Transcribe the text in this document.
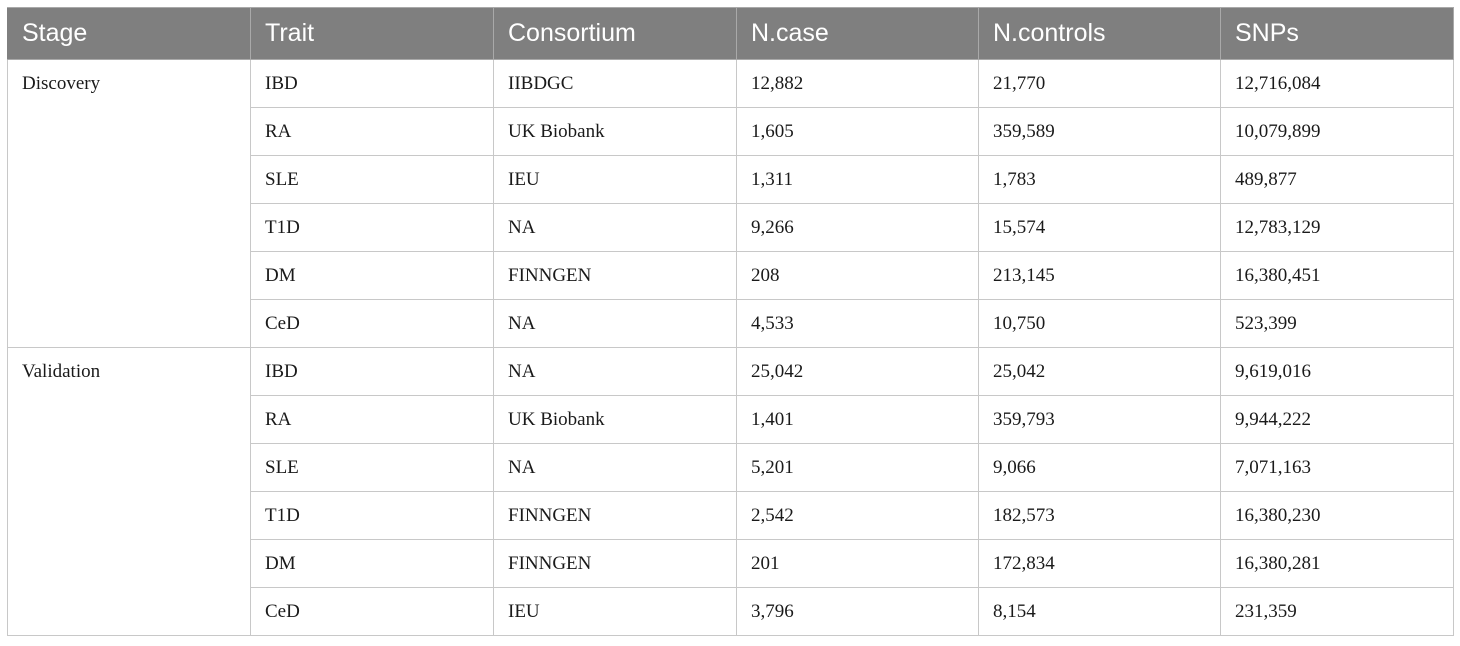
Stage	Trait	Consortium	N.case	N.controls	SNPs
Discovery	IBD	IIBDGC	12,882	21,770	12,716,084
	RA	UK Biobank	1,605	359,589	10,079,899
	SLE	IEU	1,311	1,783	489,877
	T1D	NA	9,266	15,574	12,783,129
	DM	FINNGEN	208	213,145	16,380,451
	CeD	NA	4,533	10,750	523,399
Validation	IBD	NA	25,042	25,042	9,619,016
	RA	UK Biobank	1,401	359,793	9,944,222
	SLE	NA	5,201	9,066	7,071,163
	T1D	FINNGEN	2,542	182,573	16,380,230
	DM	FINNGEN	201	172,834	16,380,281
	CeD	IEU	3,796	8,154	231,359
